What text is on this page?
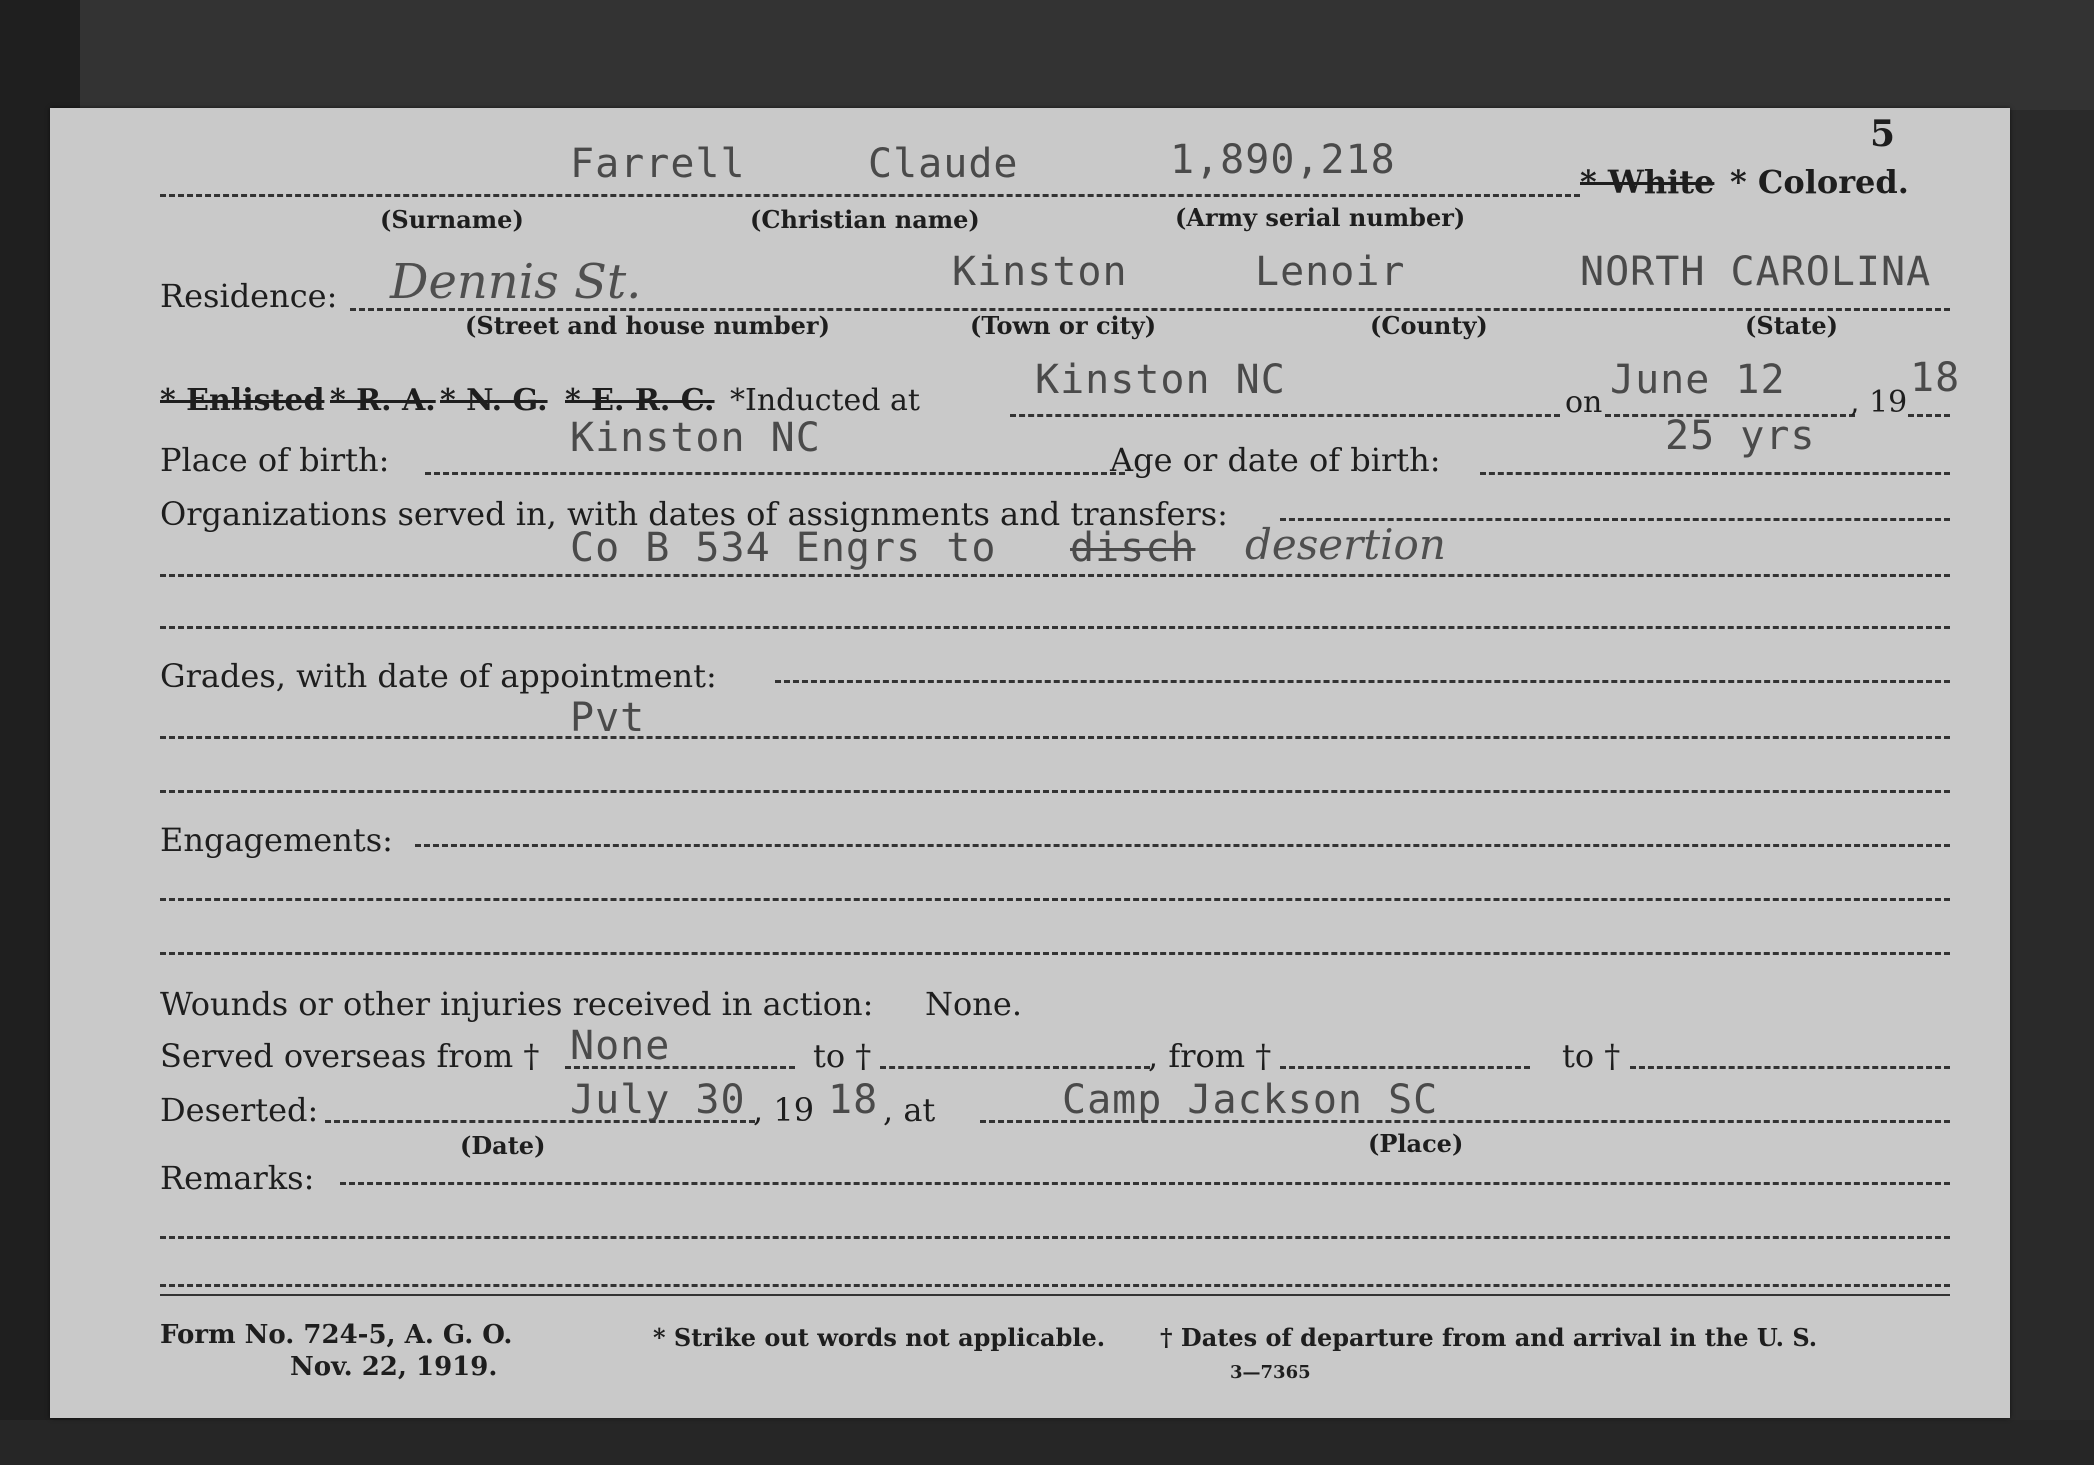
5
Farrell	Claude	1,890,218	* White * Colored.
(Surname)	(Christian name)	(Army serial number)
Residence: Dennis St.	Kinston	Lenoir	NORTH CAROLINA
(Street and house number)	(Town or city)	(County)	(State)
* Enlisted * R. A. * N. G. * E. R. C. *Inducted at	Kinston NC	on June 12 , 19
18
Place of birth:	Kinston NC	Age or date of birth:
25 yrs
Organizations served in, with dates of assignments and transfers:
Co B 534 Engrs to disch desertion
Grades, with date of appointment:
Pvt
Engagements:
Wounds or other injuries received in action: None.
Served overseas from † None	to †	, from †	to †
Deserted:	July 30 , 19 18 , at	Camp Jackson SC
(Date)	(Place)
Remarks:
Form No. 724-5, A. G. O.
Nov. 22, 1919.
* Strike out words not applicable. † Dates of departure from and arrival in the U. S.
3—7365
